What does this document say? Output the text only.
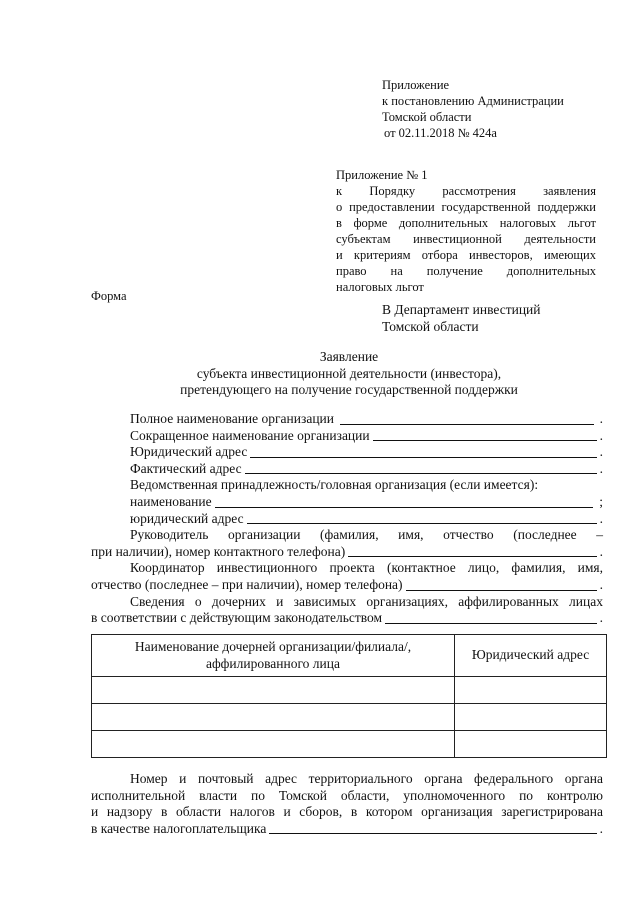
Приложение
к постановлению Администрации
Томской области
от 02.11.2018 № 424а
Приложение № 1
к Порядку рассмотрения заявления
о предоставлении государственной поддержки
в форме дополнительных налоговых льгот
субъектам инвестиционной деятельности
и критериям отбора инвесторов, имеющих
право на получение дополнительных
налоговых льгот
Форма
В Департамент инвестиций
Томской области
Заявление
субъекта инвестиционной деятельности (инвестора),
претендующего на получение государственной поддержки
Полное наименование организации	.
Сокращенное наименование организации	.
Юридический адрес	.
Фактический адрес	.
Ведомственная принадлежность/головная организация (если имеется):
наименование	;
юридический адрес	.
Руководитель организации (фамилия, имя, отчество (последнее –
при наличии), номер контактного телефона)	.
Координатор инвестиционного проекта (контактное лицо, фамилия, имя,
отчество (последнее – при наличии), номер телефона)	.
Сведения о дочерних и зависимых организациях, аффилированных лицах
в соответствии с действующим законодательством	.
Наименование дочерней организации/филиала/,
аффилированного лица	Юридический адрес

Номер и почтовый адрес территориального органа федерального органа
исполнительной власти по Томской области, уполномоченного по контролю
и надзору в области налогов и сборов, в котором организация зарегистрирована
в качестве налогоплательщика	.
